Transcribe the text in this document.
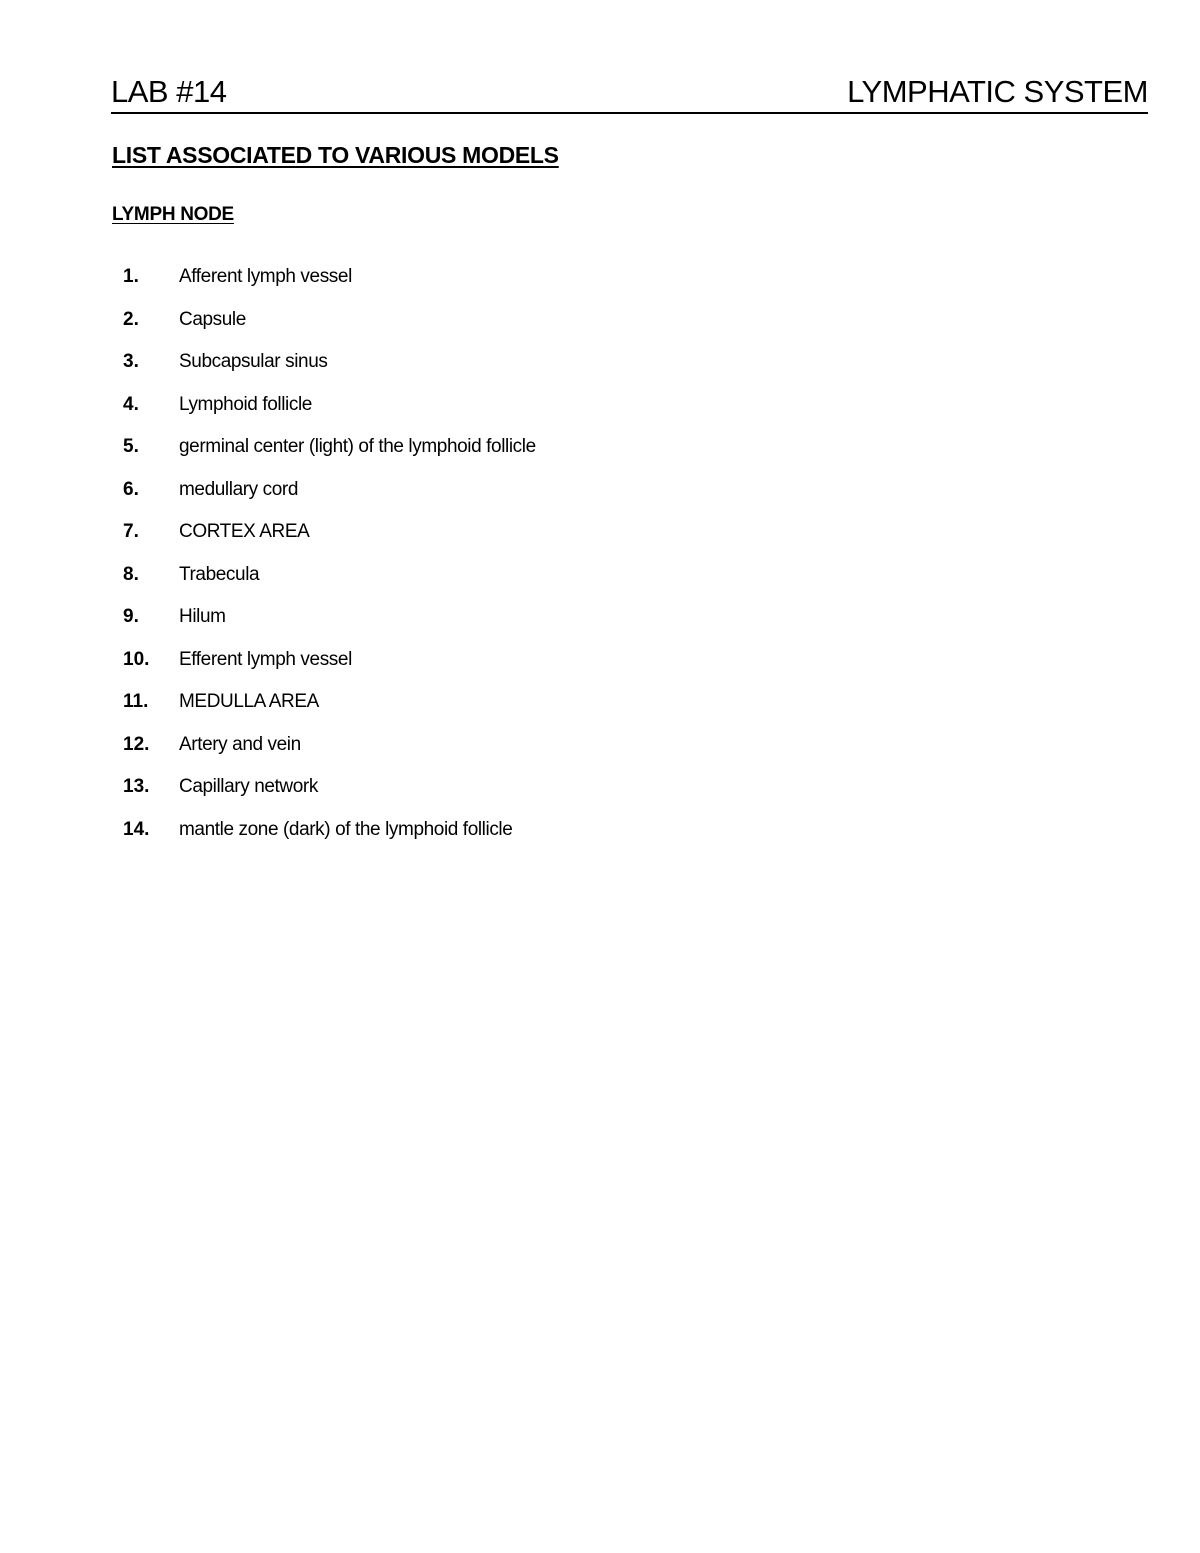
LAB #14	LYMPHATIC SYSTEM
LIST ASSOCIATED TO VARIOUS MODELS
LYMPH NODE
1.	Afferent lymph vessel
2.	Capsule
3.	Subcapsular sinus
4.	Lymphoid follicle
5.	germinal center (light) of the lymphoid follicle
6.	medullary cord
7.	CORTEX AREA
8.	Trabecula
9.	Hilum
10.	Efferent lymph vessel
11.	MEDULLA AREA
12.	Artery and vein
13.	Capillary network
14.	mantle zone (dark) of the lymphoid follicle
